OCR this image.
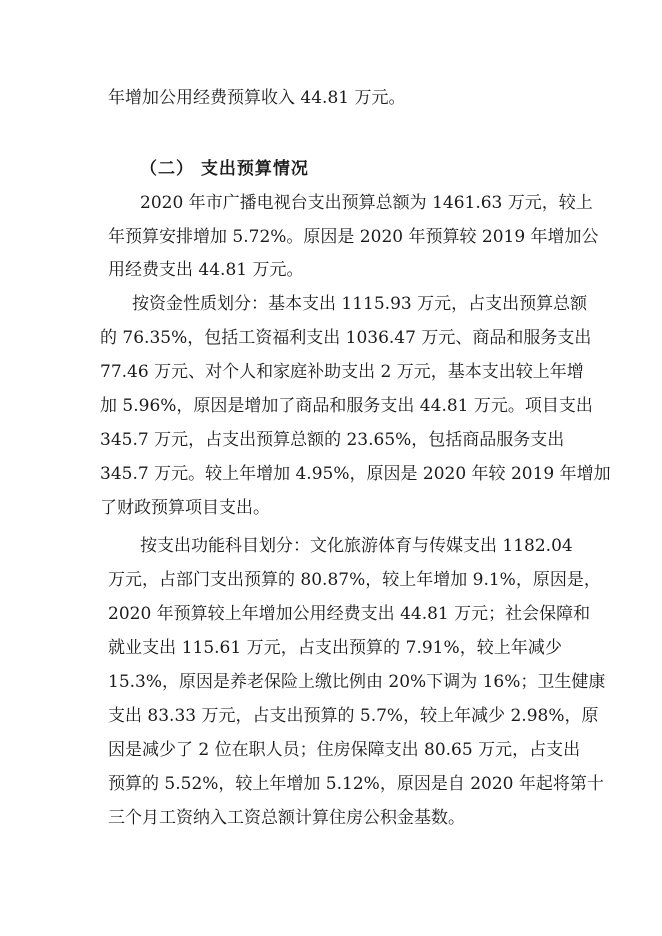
年增加公用经费预算收入 44.81 万元。
（二） 支出预算情况
2020 年市广播电视台支出预算总额为 1461.63 万元，较上
年预算安排增加 5.72%。原因是 2020 年预算较 2019 年增加公
用经费支出 44.81 万元。
按资金性质划分：基本支出 1115.93 万元，占支出预算总额
的 76.35%，包括工资福利支出 1036.47 万元、商品和服务支出
77.46 万元、对个人和家庭补助支出 2 万元，基本支出较上年增
加 5.96%，原因是增加了商品和服务支出 44.81 万元。项目支出
345.7 万元，占支出预算总额的 23.65%，包括商品服务支出
345.7 万元。较上年增加 4.95%，原因是 2020 年较 2019 年增加
了财政预算项目支出。
按支出功能科目划分：文化旅游体育与传媒支出 1182.04
万元，占部门支出预算的 80.87%，较上年增加 9.1%，原因是，
2020 年预算较上年增加公用经费支出 44.81 万元；社会保障和
就业支出 115.61 万元，占支出预算的 7.91%，较上年减少
15.3%，原因是养老保险上缴比例由 20%下调为 16%；卫生健康
支出 83.33 万元，占支出预算的 5.7%，较上年减少 2.98%，原
因是减少了 2 位在职人员；住房保障支出 80.65 万元，占支出
预算的 5.52%，较上年增加 5.12%，原因是自 2020 年起将第十
三个月工资纳入工资总额计算住房公积金基数。
